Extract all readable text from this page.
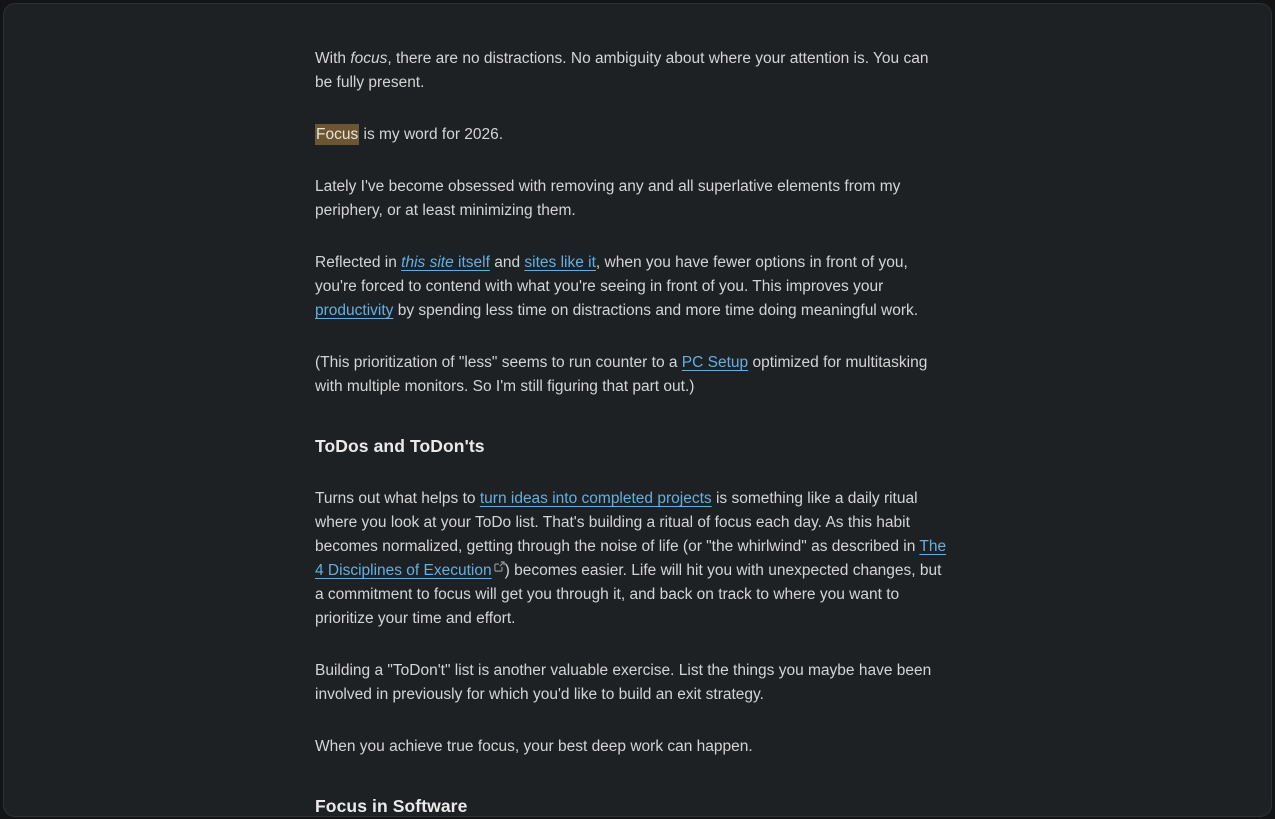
With focus, there are no distractions. No ambiguity about where your attention is. You can be fully present.

Focus is my word for 2026.

Lately I've become obsessed with removing any and all superlative elements from my periphery, or at least minimizing them.

Reflected in this site itself and sites like it, when you have fewer options in front of you, you're forced to contend with what you're seeing in front of you. This improves your productivity by spending less time on distractions and more time doing meaningful work.

(This prioritization of "less" seems to run counter to a PC Setup optimized for multitasking with multiple monitors. So I'm still figuring that part out.)

ToDos and ToDon'ts

Turns out what helps to turn ideas into completed projects is something like a daily ritual where you look at your ToDo list. That's building a ritual of focus each day. As this habit becomes normalized, getting through the noise of life (or "the whirlwind" as described in The 4 Disciplines of Execution ) becomes easier. Life will hit you with unexpected changes, but a commitment to focus will get you through it, and back on track to where you want to prioritize your time and effort.

Building a "ToDon't" list is another valuable exercise. List the things you maybe have been involved in previously for which you'd like to build an exit strategy.

When you achieve true focus, your best deep work can happen.

Focus in Software
